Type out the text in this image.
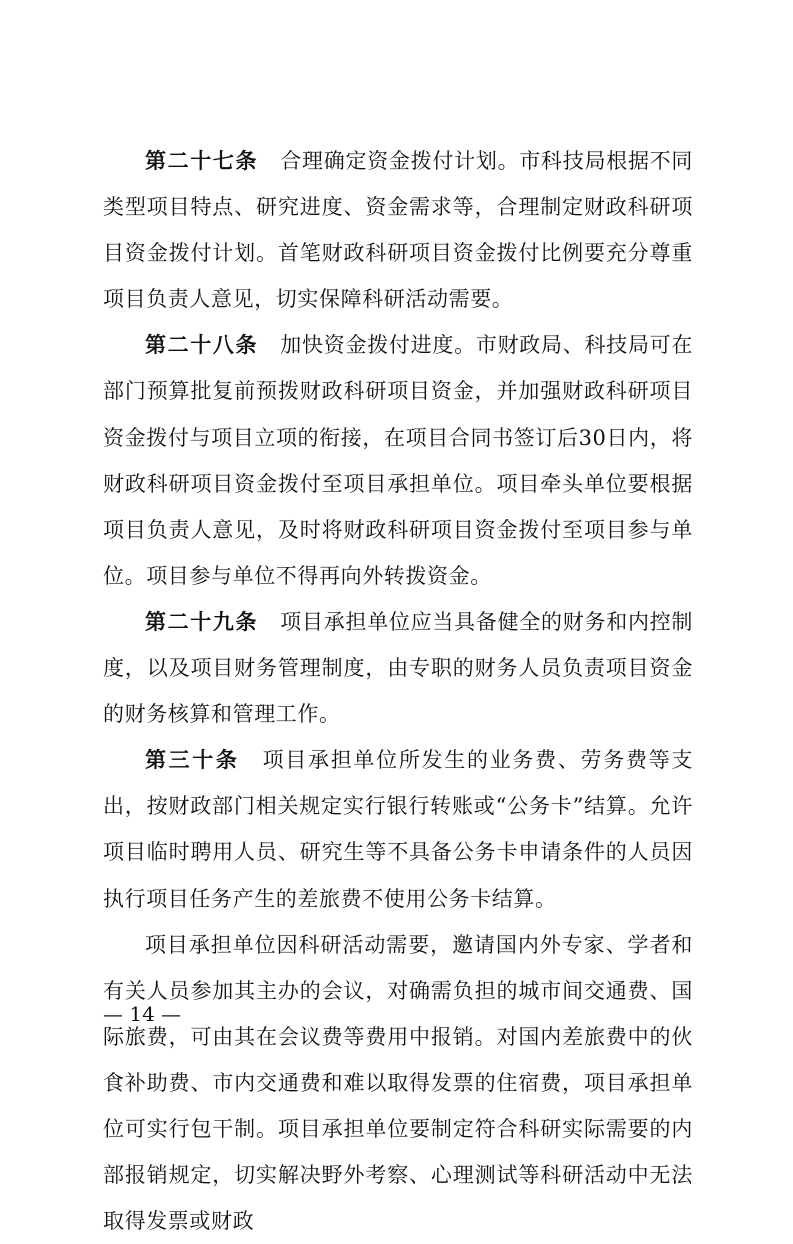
第二十七条 合理确定资金拨付计划。市科技局根据不同类型项目特点、研究进度、资金需求等，合理制定财政科研项目资金拨付计划。首笔财政科研项目资金拨付比例要充分尊重项目负责人意见，切实保障科研活动需要。

第二十八条 加快资金拨付进度。市财政局、科技局可在部门预算批复前预拨财政科研项目资金，并加强财政科研项目资金拨付与项目立项的衔接，在项目合同书签订后30日内，将财政科研项目资金拨付至项目承担单位。项目牵头单位要根据项目负责人意见，及时将财政科研项目资金拨付至项目参与单位。项目参与单位不得再向外转拨资金。

第二十九条 项目承担单位应当具备健全的财务和内控制度，以及项目财务管理制度，由专职的财务人员负责项目资金的财务核算和管理工作。

第三十条 项目承担单位所发生的业务费、劳务费等支出，按财政部门相关规定实行银行转账或“公务卡”结算。允许项目临时聘用人员、研究生等不具备公务卡申请条件的人员因执行项目任务产生的差旅费不使用公务卡结算。

项目承担单位因科研活动需要，邀请国内外专家、学者和有关人员参加其主办的会议，对确需负担的城市间交通费、国际旅费，可由其在会议费等费用中报销。对国内差旅费中的伙食补助费、市内交通费和难以取得发票的住宿费，项目承担单位可实行包干制。项目承担单位要制定符合科研实际需要的内部报销规定，切实解决野外考察、心理测试等科研活动中无法取得发票或财政

— 14 —
